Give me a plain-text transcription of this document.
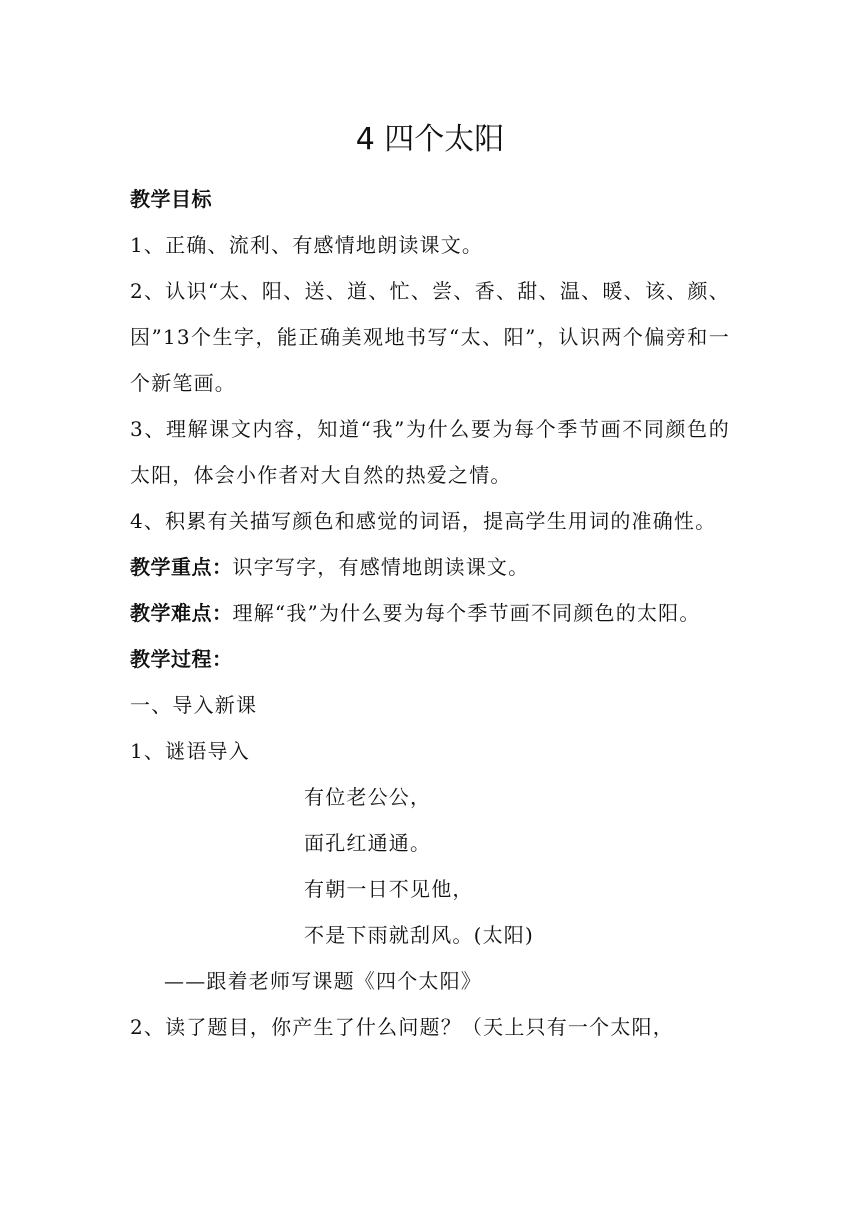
4 四个太阳

教学目标

1、正确、流利、有感情地朗读课文。

2、认识“太、阳、送、道、忙、尝、香、甜、温、暖、该、颜、因”13个生字，能正确美观地书写“太、阳”，认识两个偏旁和一个新笔画。

3、理解课文内容，知道“我”为什么要为每个季节画不同颜色的太阳，体会小作者对大自然的热爱之情。

4、积累有关描写颜色和感觉的词语，提高学生用词的准确性。

教学重点：识字写字，有感情地朗读课文。

教学难点：理解“我”为什么要为每个季节画不同颜色的太阳。

教学过程：

一、导入新课

1、谜语导入

有位老公公，

面孔红通通。

有朝一日不见他，

不是下雨就刮风。(太阳)

——跟着老师写课题《四个太阳》

2、读了题目，你产生了什么问题？（天上只有一个太阳，
